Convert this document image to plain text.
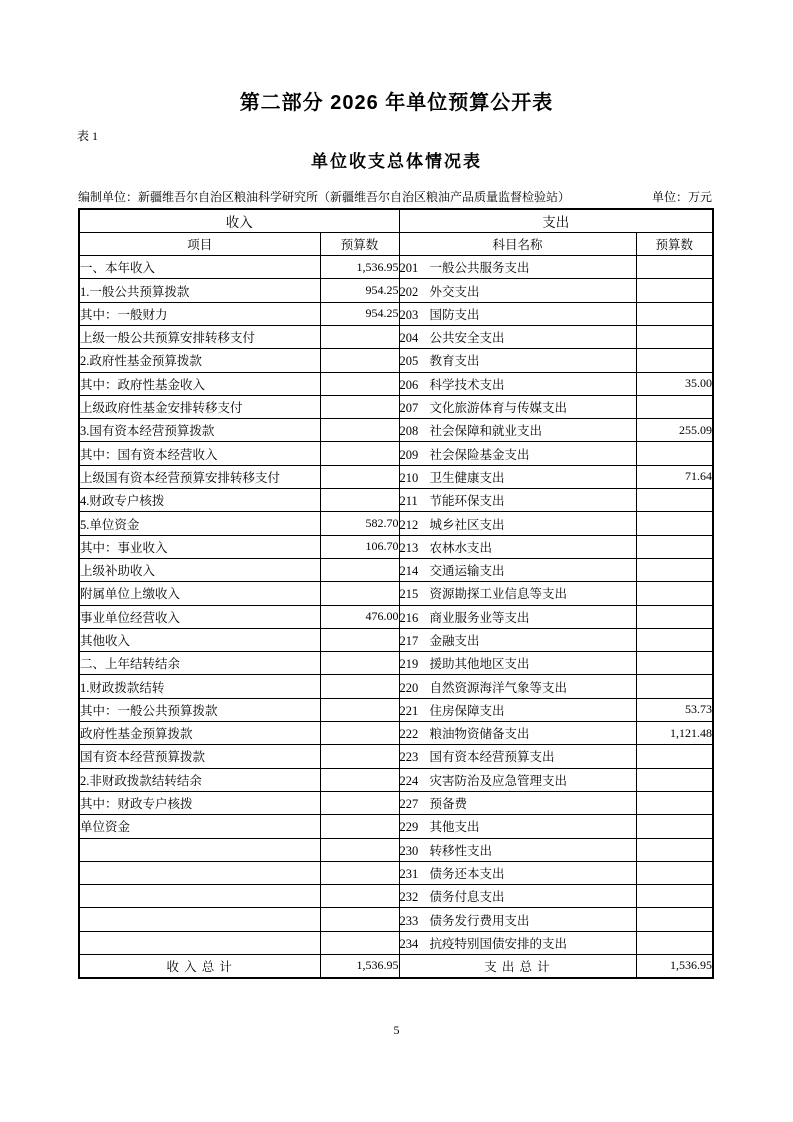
第二部分 2026 年单位预算公开表
表 1
单位收支总体情况表
编制单位：新疆维吾尔自治区粮油科学研究所（新疆维吾尔自治区粮油产品质量监督检验站）	单位：万元
收入		支出	
项目	预算数	科目名称	预算数
一、本年收入	1,536.95	201 一般公共服务支出	
1.一般公共预算拨款	954.25	202 外交支出	
其中：一般财力	954.25	203 国防支出	
上级一般公共预算安排转移支付		204 公共安全支出	
2.政府性基金预算拨款		205 教育支出	
其中：政府性基金收入		206 科学技术支出	35.00
上级政府性基金安排转移支付		207 文化旅游体育与传媒支出	
3.国有资本经营预算拨款		208 社会保障和就业支出	255.09
其中：国有资本经营收入		209 社会保险基金支出	
上级国有资本经营预算安排转移支付		210 卫生健康支出	71.64
4.财政专户核拨		211 节能环保支出	
5.单位资金	582.70	212 城乡社区支出	
其中：事业收入	106.70	213 农林水支出	
上级补助收入		214 交通运输支出	
附属单位上缴收入		215 资源勘探工业信息等支出	
事业单位经营收入	476.00	216 商业服务业等支出	
其他收入		217 金融支出	
二、上年结转结余		219 援助其他地区支出	
1.财政拨款结转		220 自然资源海洋气象等支出	
其中：一般公共预算拨款		221 住房保障支出	53.73
政府性基金预算拨款		222 粮油物资储备支出	1,121.48
国有资本经营预算拨款		223 国有资本经营预算支出	
2.非财政拨款结转结余		224 灾害防治及应急管理支出	
其中：财政专户核拨		227 预备费	
单位资金		229 其他支出	
		230 转移性支出	
		231 债务还本支出	
		232 债务付息支出	
		233 债务发行费用支出	
		234 抗疫特别国债安排的支出	
收 入 总 计	1,536.95	支 出 总 计	1,536.95
5
